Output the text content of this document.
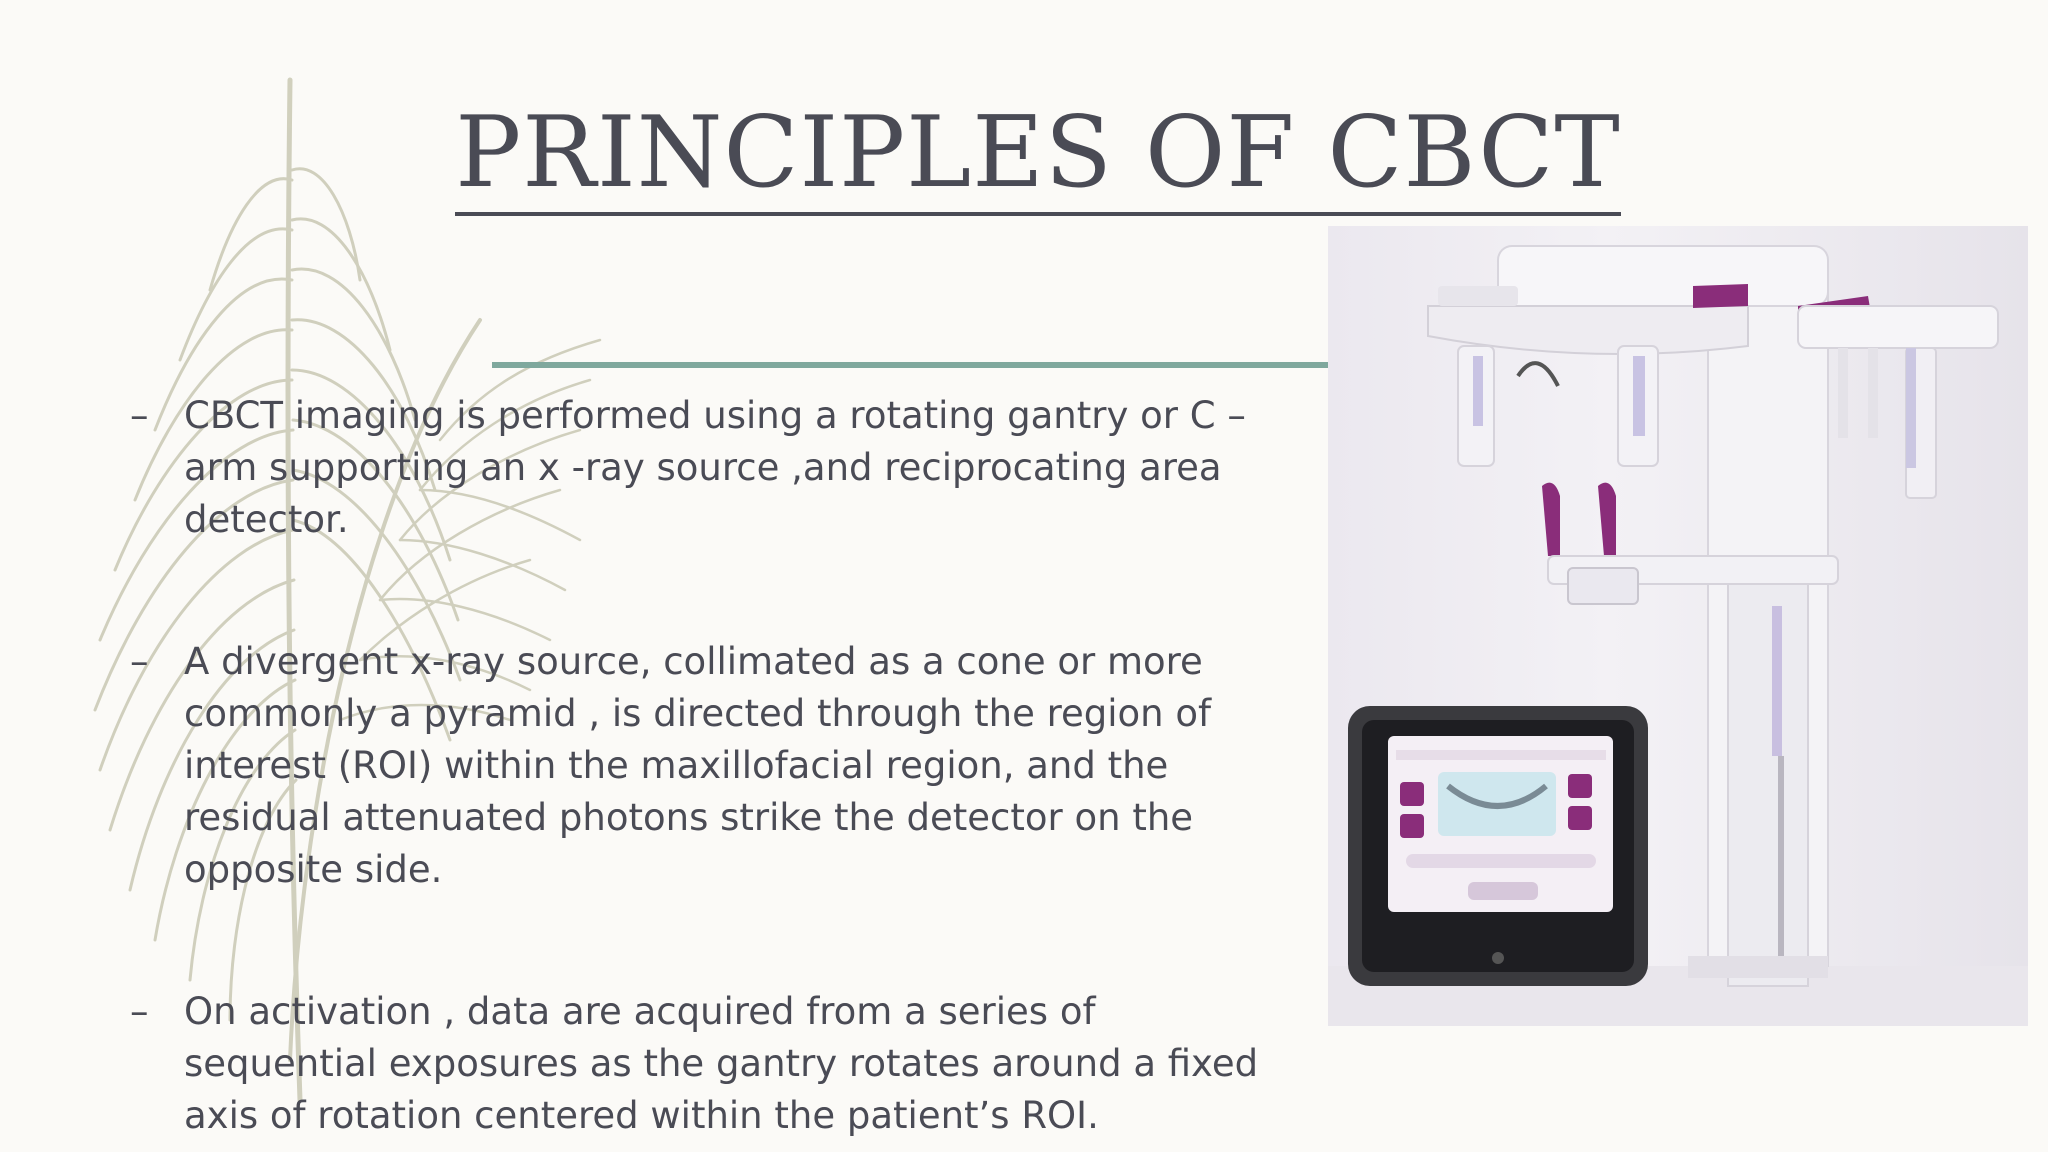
PRINCIPLES OF CBCT
– CBCT imaging is performed using a rotating gantry or C –arm supporting an x -ray source ,and reciprocating area detector.
– A divergent x-ray source, collimated as a cone or more commonly a pyramid , is directed through the region of interest (ROI) within the maxillofacial region, and the residual attenuated photons strike the detector on the opposite side.
– On activation , data are acquired from a series of sequential exposures as the gantry rotates around a fixed axis of rotation centered within the patient’s ROI.
